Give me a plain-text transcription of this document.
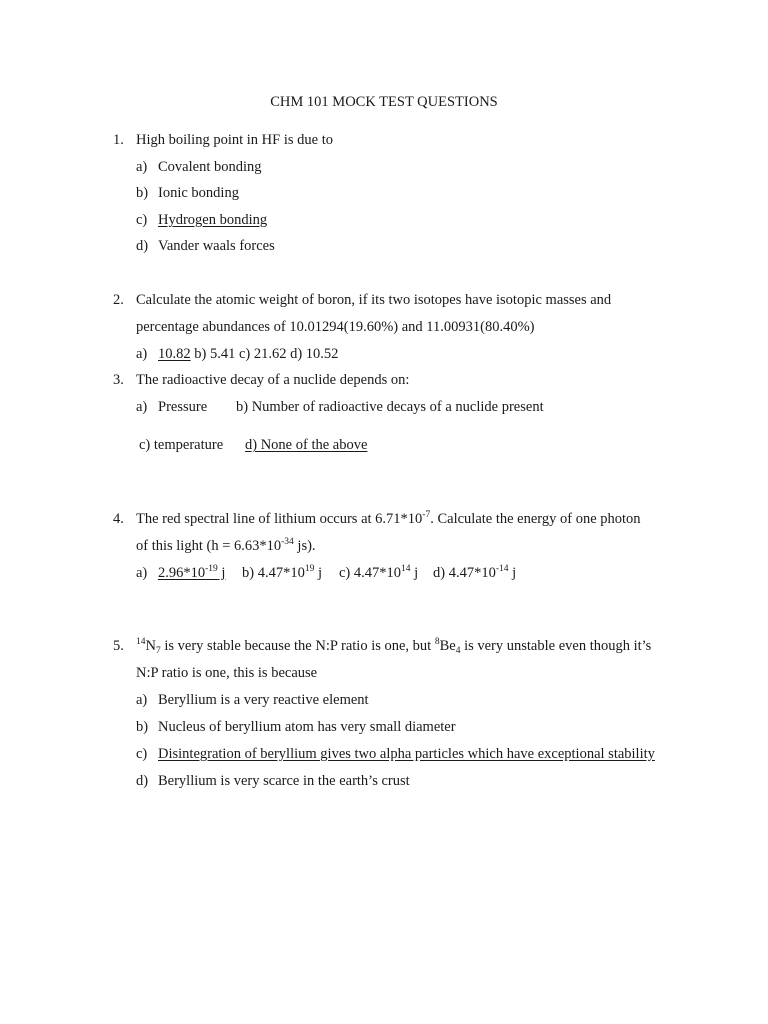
CHM 101 MOCK TEST QUESTIONS
1. High boiling point in HF is due to
a) Covalent bonding
b) Ionic bonding
c) Hydrogen bonding
d) Vander waals forces
2. Calculate the atomic weight of boron, if its two isotopes have isotopic masses and
percentage abundances of 10.01294(19.60%) and 11.00931(80.40%)
a) 10.82 b) 5.41 c) 21.62 d) 10.52
3. The radioactive decay of a nuclide depends on:
a) Pressure b) Number of radioactive decays of a nuclide present
c) temperature d) None of the above
4. The red spectral line of lithium occurs at $6.71*10^{-7}$. Calculate the energy of one photon
of this light ($h = 6.63*10^{-34}$ js).
a) $2.96*10^{-19}$ j b) $4.47*10^{19}$ j c) $4.47*10^{14}$ j d) $4.47*10^{-14}$ j
5. $^{14}N_7$ is very stable because the N:P ratio is one, but $^8Be_4$ is very unstable even though it’s
N:P ratio is one, this is because
a) Beryllium is a very reactive element
b) Nucleus of beryllium atom has very small diameter
c) Disintegration of beryllium gives two alpha particles which have exceptional stability
d) Beryllium is very scarce in the earth’s crust
